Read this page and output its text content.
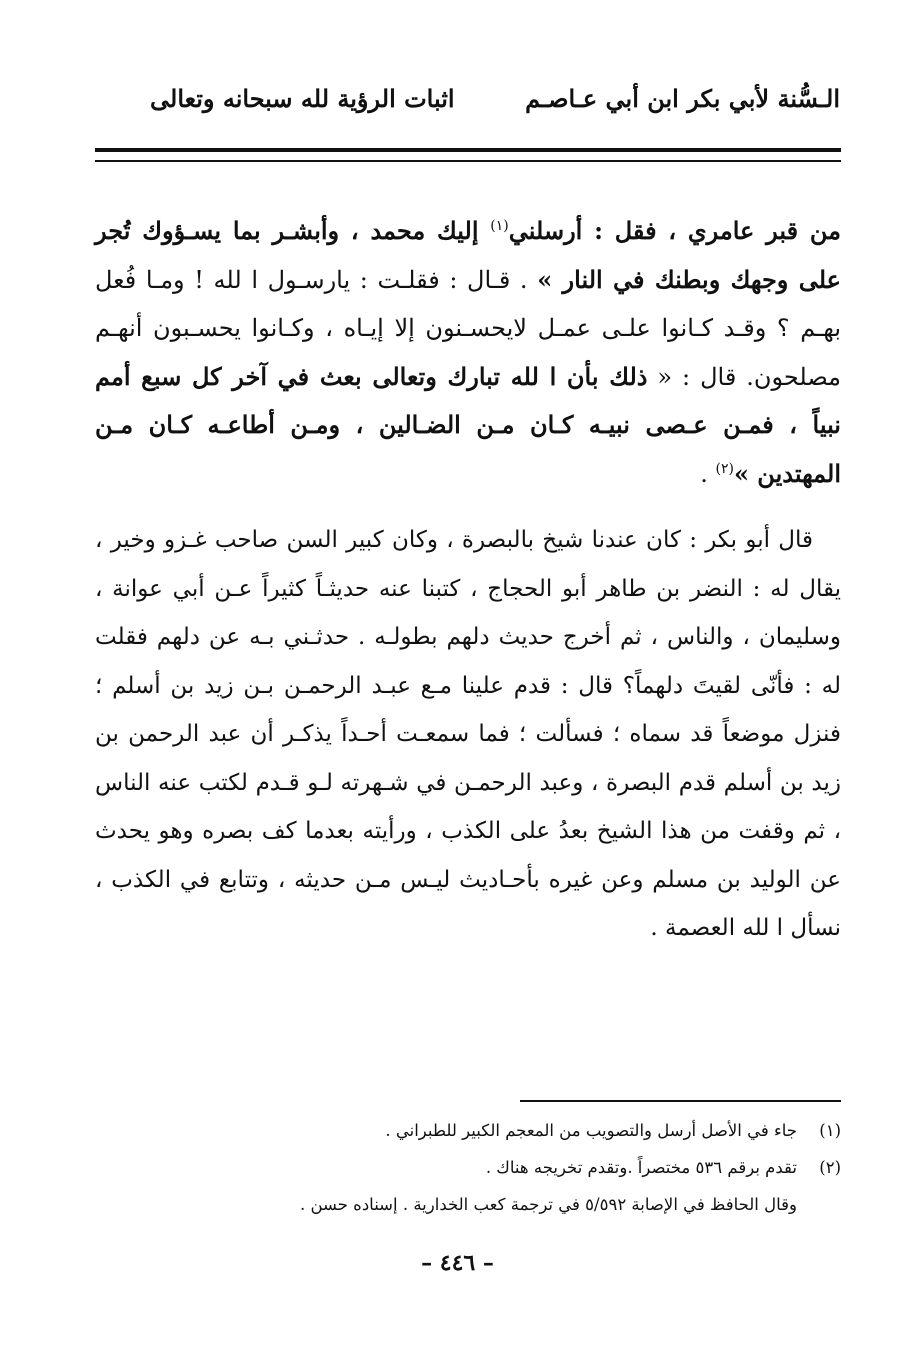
الـسُّنة لأبي بكر ابن أبي عـاصـم
اثبات الرؤية لله سبحانه وتعالى

من قبر عامري ، فقل : أرسلني$^{(١)}$ إليك محمد ، وأبشـر بما يسـؤوك تُجر على وجهك وبطنك في النار » . قـال : فقلـت : يارسـول ا لله ! ومـا فُعل بهـم ؟ وقـد كـانوا علـى عمـل لايحسـنون إلا إيـاه ، وكـانوا يحسـبون أنهـم مصلحون. قال : « ذلك بأن ا لله تبارك وتعالى بعث في آخر كل سبع أمم نبياً ، فمـن عـصى نبيـه كـان مـن الضـالين ، ومـن أطاعـه كـان مـن المهتدين »$^{(٢)}$ .

قال أبو بكر : كان عندنا شيخ بالبصرة ، وكان كبير السن صاحب غـزو وخير ، يقال له : النضر بن طاهر أبو الحجاج ، كتبنا عنه حديثـاً كثيراً عـن أبي عوانة ، وسليمان ، والناس ، ثم أخرج حديث دلهم بطولـه . حدثـني بـه عن دلهم فقلت له : فأنّى لقيتَ دلهماً؟ قال : قدم علينا مـع عبـد الرحمـن بـن زيد بن أسلم ؛ فنزل موضعاً قد سماه ؛ فسألت ؛ فما سمعـت أحـداً يذكـر أن عبد الرحمن بن زيد بن أسلم قدم البصرة ، وعبد الرحمـن في شـهرته لـو قـدم لكتب عنه الناس ، ثم وقفت من هذا الشيخ بعدُ على الكذب ، ورأيته بعدما كف بصره وهو يحدث عن الوليد بن مسلم وعن غيره بأحـاديث ليـس مـن حديثه ، وتتابع في الكذب ، نسأل ا لله العصمة .

(١)
جاء في الأصل أرسل والتصويب من المعجم الكبير للطبراني .
(٢)
تقدم برقم ٥٣٦ مختصراً .وتقدم تخريجه هناك .
وقال الحافظ في الإصابة ٥/٥٩٢ في ترجمة كعب الخدارية . إسناده حسن .
– ٤٤٦ –
